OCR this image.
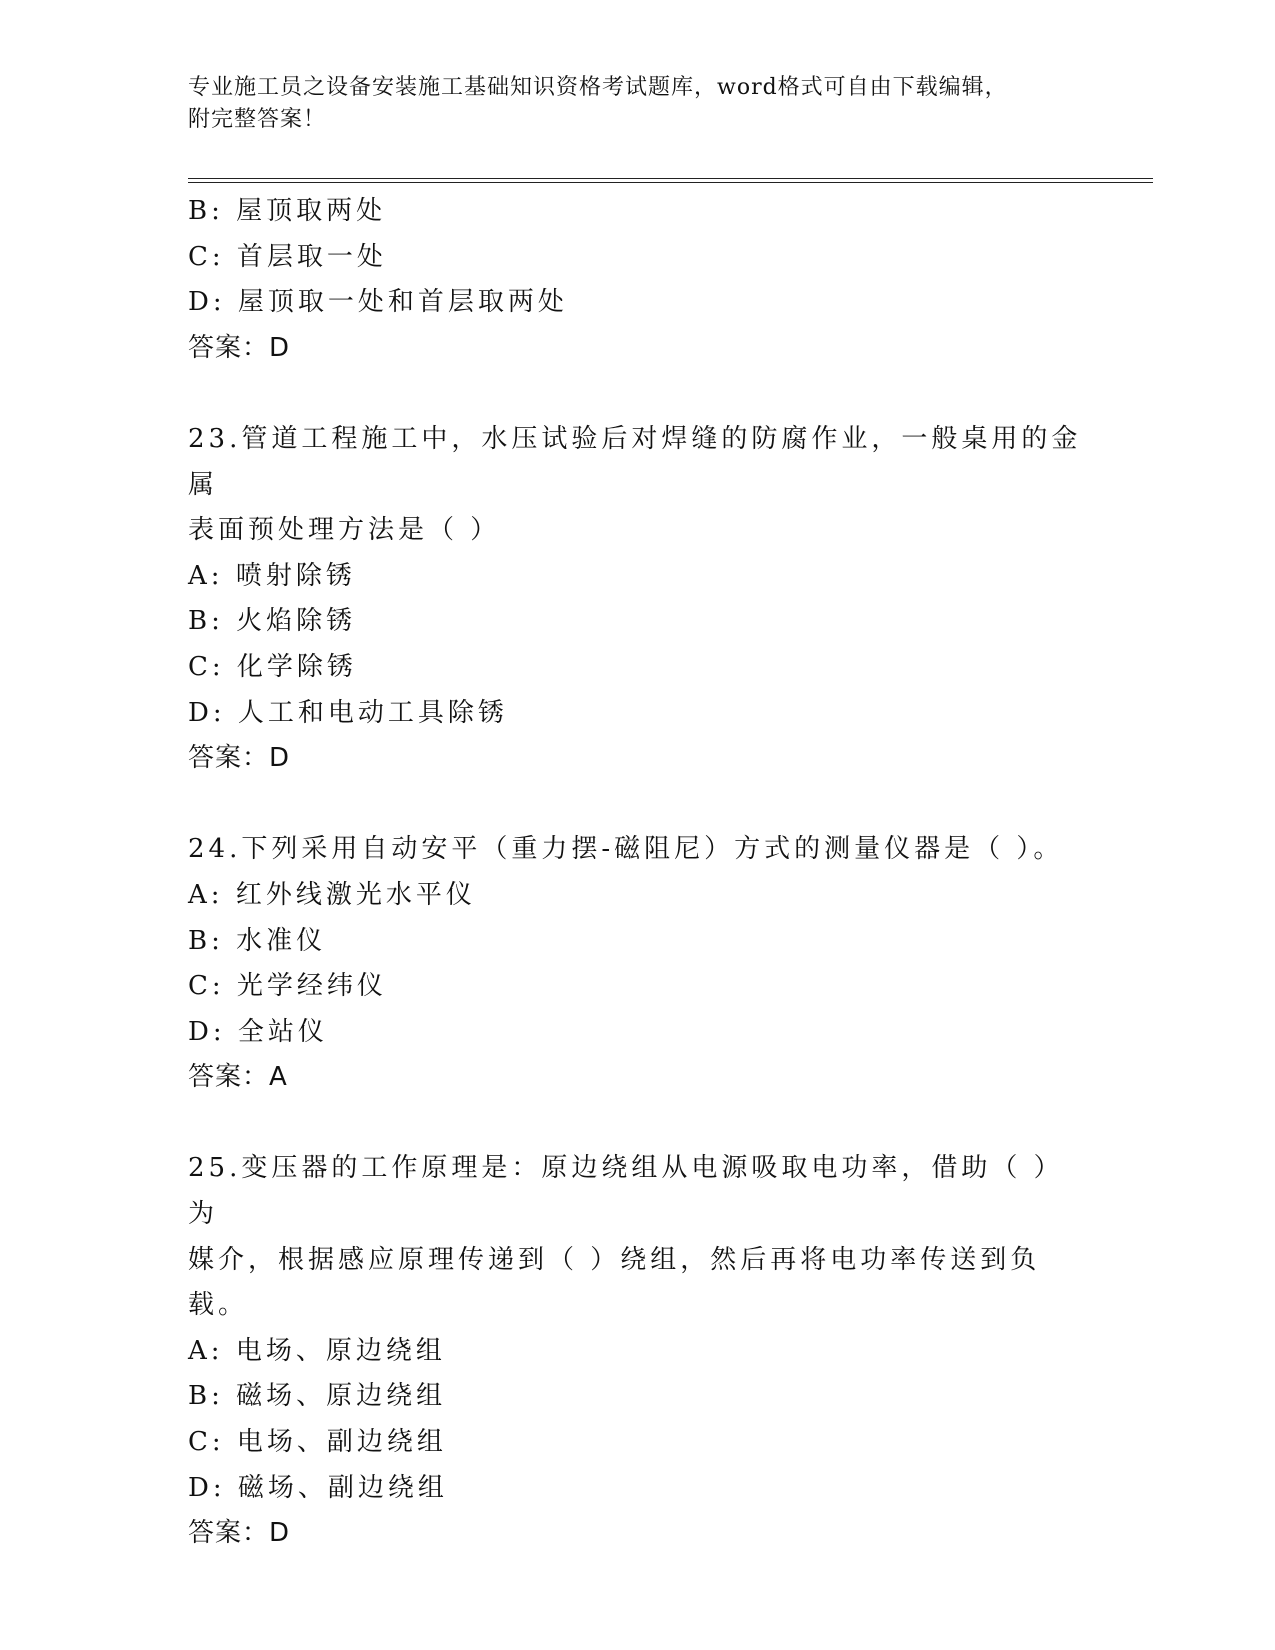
专业施工员之设备安装施工基础知识资格考试题库，word格式可自由下载编辑，
附完整答案！
B: 屋顶取两处
C: 首层取一处
D: 屋顶取一处和首层取两处
答案：D
23.管道工程施工中，水压试验后对焊缝的防腐作业，一般桌用的金属
表面预处理方法是（ ）
A: 喷射除锈
B: 火焰除锈
C: 化学除锈
D: 人工和电动工具除锈
答案：D
24.下列采用自动安平（重力摆-磁阻尼）方式的测量仪器是（ ）。
A: 红外线激光水平仪
B: 水准仪
C: 光学经纬仪
D: 全站仪
答案：A
25.变压器的工作原理是：原边绕组从电源吸取电功率，借助（ ）为
媒介，根据感应原理传递到（ ）绕组，然后再将电功率传送到负载。
A: 电场、原边绕组
B: 磁场、原边绕组
C: 电场、副边绕组
D: 磁场、副边绕组
答案：D
